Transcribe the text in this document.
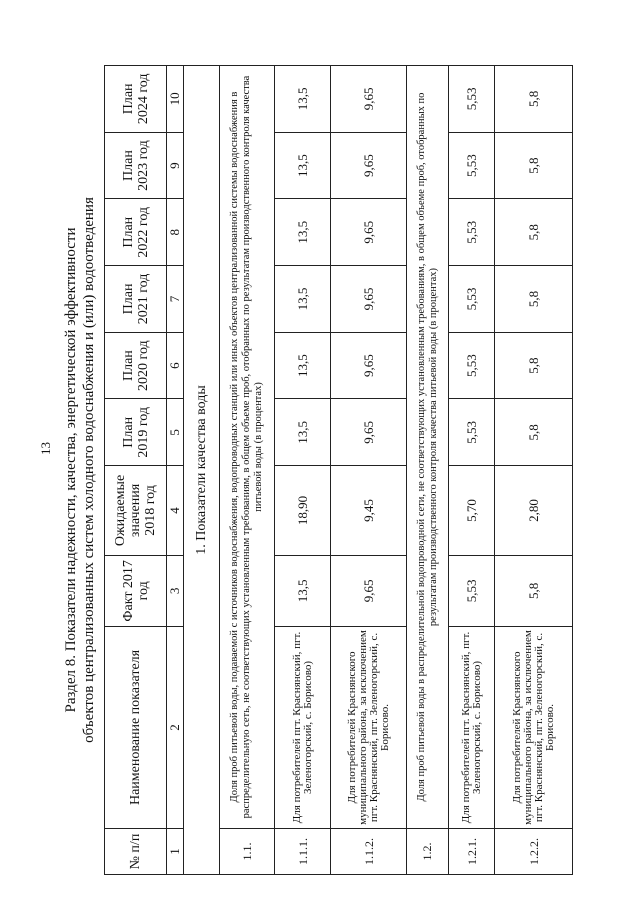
13 Раздел 8. Показатели надежности, качества, энергетической эффективности объектов централизованных систем холодного водоснабжения и (или) водоотведения
№ п/п	Наименование показателя	Факт 2017 год	Ожидаемые значения 2018 год	План 2019 год	План 2020 год	План 2021 год	План 2022 год	План 2023 год	План 2024 год
1	2	3	4	5	6	7	8	9	10
1. Показатели качества воды									
1.1.	Доля проб питьевой воды, подаваемой с источников водоснабжения, водопроводных станций или иных объектов централизованной системы водоснабжения в распределительную сеть, не соответствующих установленным требованиям, в общем объеме проб, отобранных по результатам производственного контроля качества питьевой воды (в процентах)								
1.1.1.	Для потребителей пгт. Краснянский, пгт. Зеленогорский, с. Борисово)	13,5	18,90	13,5	13,5	13,5	13,5	13,5	13,5
1.1.2.	Для потребителей Краснянского муниципального района, за исключением пгт. Краснянский, пгт. Зеленогорский, с. Борисово.	9,65	9,45	9,65	9,65	9,65	9,65	9,65	9,65
1.2.	Доля проб питьевой воды в распределительной водопроводной сети, не соответствующих установленным требованиям, в общем объеме проб, отобранных по результатам производственного контроля качества питьевой воды (в процентах)								
1.2.1.	Для потребителей пгт. Краснянский, пгт. Зеленогорский, с. Борисово)	5,53	5,70	5,53	5,53	5,53	5,53	5,53	5,53
1.2.2.	Для потребителей Краснянского муниципального района, за исключением пгт. Краснянский, пгт. Зеленогорский, с. Борисово.	5,8	2,80	5,8	5,8	5,8	5,8	5,8	5,8
